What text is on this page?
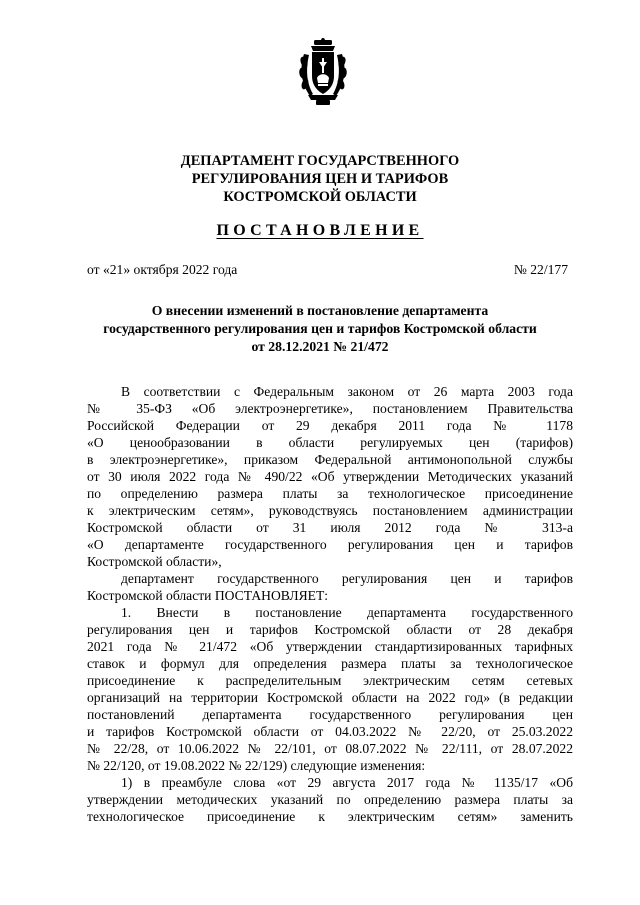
ДЕПАРТАМЕНТ ГОСУДАРСТВЕННОГО
РЕГУЛИРОВАНИЯ ЦЕН И ТАРИФОВ
КОСТРОМСКОЙ ОБЛАСТИ
ПОСТАНОВЛЕНИЕ
от «21» октября 2022 года	№ 22/177
О внесении изменений в постановление департамента
государственного регулирования цен и тарифов Костромской области
от 28.12.2021 № 21/472
В соответствии с Федеральным законом от 26 марта 2003 года
№ 35-ФЗ «Об электроэнергетике», постановлением Правительства
Российской Федерации от 29 декабря 2011 года № 1178
«О ценообразовании в области регулируемых цен (тарифов)
в электроэнергетике», приказом Федеральной антимонопольной службы
от 30 июля 2022 года № 490/22 «Об утверждении Методических указаний
по определению размера платы за технологическое присоединение
к электрическим сетям», руководствуясь постановлением администрации
Костромской области от 31 июля 2012 года № 313-а
«О департаменте государственного регулирования цен и тарифов
Костромской области»,
департамент государственного регулирования цен и тарифов
Костромской области ПОСТАНОВЛЯЕТ:
1. Внести в постановление департамента государственного
регулирования цен и тарифов Костромской области от 28 декабря
2021 года № 21/472 «Об утверждении стандартизированных тарифных
ставок и формул для определения размера платы за технологическое
присоединение к распределительным электрическим сетям сетевых
организаций на территории Костромской области на 2022 год» (в редакции
постановлений департамента государственного регулирования цен
и тарифов Костромской области от 04.03.2022 № 22/20, от 25.03.2022
№ 22/28, от 10.06.2022 № 22/101, от 08.07.2022 № 22/111, от 28.07.2022
№ 22/120, от 19.08.2022 № 22/129) следующие изменения:
1) в преамбуле слова «от 29 августа 2017 года № 1135/17 «Об
утверждении методических указаний по определению размера платы за
технологическое присоединение к электрическим сетям» заменить
